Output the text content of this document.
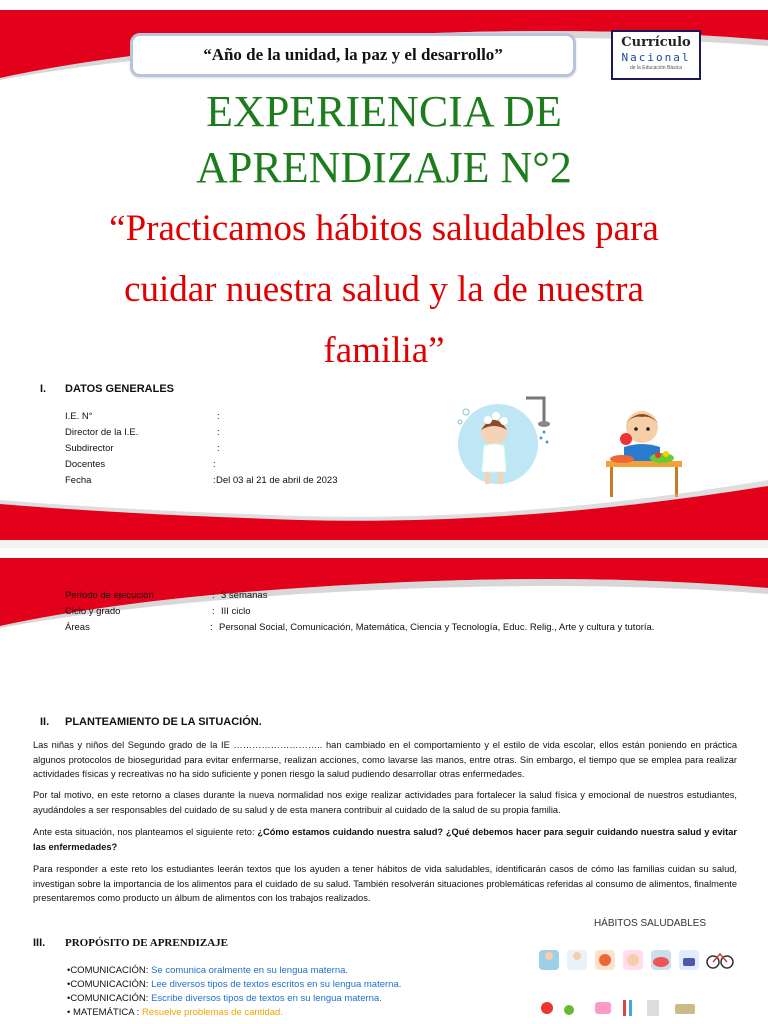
“Año de la unidad, la paz y el desarrollo”
Currículo
Nacional
de la Educación Básica
EXPERIENCIA DE
APRENDIZAJE N°2
“Practicamos hábitos saludables para
cuidar nuestra salud y la de nuestra
familia”
I. DATOS GENERALES
I.E. N°	:
Director de la I.E.	:
Subdirector	:
Docentes	:
Fecha	: Del 03 al 21 de abril de 2023
Periodo de ejecución	: 3 semanas
Ciclo y grado	: III ciclo
Áreas	: Personal Social, Comunicación, Matemática, Ciencia y Tecnología, Educ. Relig., Arte y cultura y tutoría.
II. PLANTEAMIENTO DE LA SITUACIÓN.
Las niñas y niños del Segundo grado de la IE ……………………….. han cambiado en el comportamiento y el estilo de vida escolar, ellos están poniendo en práctica algunos protocolos de bioseguridad para evitar enfermarse, realizan acciones, como lavarse las manos, entre otras. Sin embargo, el tiempo que se emplea para realizar actividades físicas y recreativas no ha sido suficiente y ponen riesgo la salud pudiendo desarrollar otras enfermedades.
Por tal motivo, en este retorno a clases durante la nueva normalidad nos exige realizar actividades para fortalecer la salud física y emocional de nuestros estudiantes, ayudándoles a ser responsables del cuidado de su salud y de esta manera contribuir al cuidado de la salud de su propia familia.
Ante esta situación, nos planteamos el siguiente reto: ¿Cómo estamos cuidando nuestra salud? ¿Qué debemos hacer para seguir cuidando nuestra salud y evitar las enfermedades?
Para responder a este reto los estudiantes leerán textos que los ayuden a tener hábitos de vida saludables, identificarán casos de cómo las familias cuidan su salud, investigan sobre la importancia de los alimentos para el cuidado de su salud. También resolverán situaciones problemáticas referidas al consumo de alimentos, finalmente presentaremos como producto un álbum de alimentos con los trabajos realizados.
III. PROPÓSITO DE APRENDIZAJE
•COMUNICACIÓN: Se comunica oralmente en su lengua materna.
•COMUNICACIÓN: Lee diversos tipos de textos escritos en su lengua materna.
•COMUNICACIÓN: Escribe diversos tipos de textos en su lengua materna.
• MATEMÁTICA : Resuelve problemas de cantidad.
HÁBITOS SALUDABLES
